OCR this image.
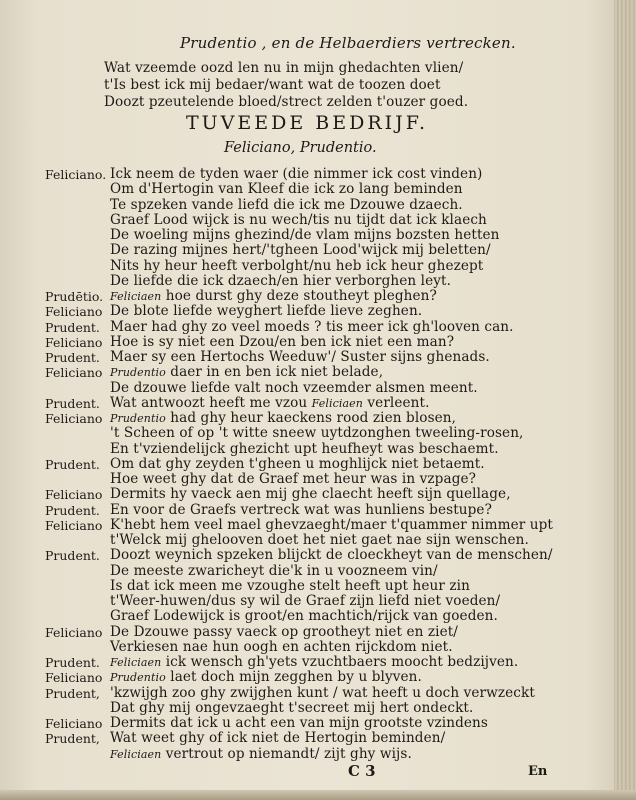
Prudentio , en de Helbaerdiers vertrecken.
Wat vzeemde oozd len nu in mijn ghedachten vlien/
t'Is best ick mij bedaer/want wat de toozen doet
Doozt pzeutelende bloed/strect zelden t'ouzer goed.
TUVEEDE BEDRIJF.
Feliciano, Prudentio.
Feliciano. Ick neem de tyden waer (die nimmer ick cost vinden)
Om d'Hertogin van Kleef die ick zo lang beminden
Te spzeken vande liefd die ick me Dzouwe dzaech.
Graef Lood wijck is nu wech/tis nu tijdt dat ick klaech
De woeling mijns ghezind/de vlam mijns bozsten hetten
De razing mijnes hert/'tgheen Lood'wijck mij beletten/
Nits hy heur heeft verbolght/nu heb ick heur ghezept
De liefde die ick dzaech/en hier verborghen leyt.
Prudētio. Feliciaen hoe durst ghy deze stoutheyt pleghen?
Feliciano De blote liefde weyghert liefde lieve zeghen.
Prudent. Maer had ghy zo veel moeds ? tis meer ick gh'looven can.
Feliciano Hoe is sy niet een Dzou/en ben ick niet een man?
Prudent. Maer sy een Hertochs Weeduw'/ Suster sijns ghenads.
Feliciano Prudentio daer in en ben ick niet belade,
De dzouwe liefde valt noch vzeemder alsmen meent.
Prudent. Wat antwoozt heeft me vzou Feliciaen verleent.
Feliciano Prudentio had ghy heur kaeckens rood zien blosen,
't Scheen of op 't witte sneew uytdzonghen tweeling-rosen,
En t'vziendelijck ghezicht upt heufheyt was beschaemt.
Prudent. Om dat ghy zeyden t'gheen u moghlijck niet betaemt.
Hoe weet ghy dat de Graef met heur was in vzpage?
Feliciano Dermits hy vaeck aen mij ghe claecht heeft sijn quellage,
Prudent. En voor de Graefs vertreck wat was hunliens bestupe?
Feliciano K'hebt hem veel mael ghevzaeght/maer t'quammer nimmer upt
t'Welck mij ghelooven doet het niet gaet nae sijn wenschen.
Prudent. Doozt weynich spzeken blijckt de cloeckheyt van de menschen/
De meeste zwaricheyt die'k in u voozneem vin/
Is dat ick meen me vzoughe stelt heeft upt heur zin
t'Weer-huwen/dus sy wil de Graef zijn liefd niet voeden/
Graef Lodewijck is groot/en machtich/rijck van goeden.
Feliciano De Dzouwe passy vaeck op grootheyt niet en ziet/
Verkiesen nae hun oogh en achten rijckdom niet.
Prudent. Feliciaen ick wensch gh'yets vzuchtbaers moocht bedzijven.
Feliciano Prudentio laet doch mijn zegghen by u blyven.
Prudent, 'kzwijgh zoo ghy zwijghen kunt / wat heeft u doch verwzeckt
Dat ghy mij ongevzaeght t'secreet mij hert ondeckt.
Feliciano Dermits dat ick u acht een van mijn grootste vzindens
Prudent, Wat weet ghy of ick niet de Hertogin beminden/
Feliciaen vertrout op niemandt/ zijt ghy wijs.
C 3	En
